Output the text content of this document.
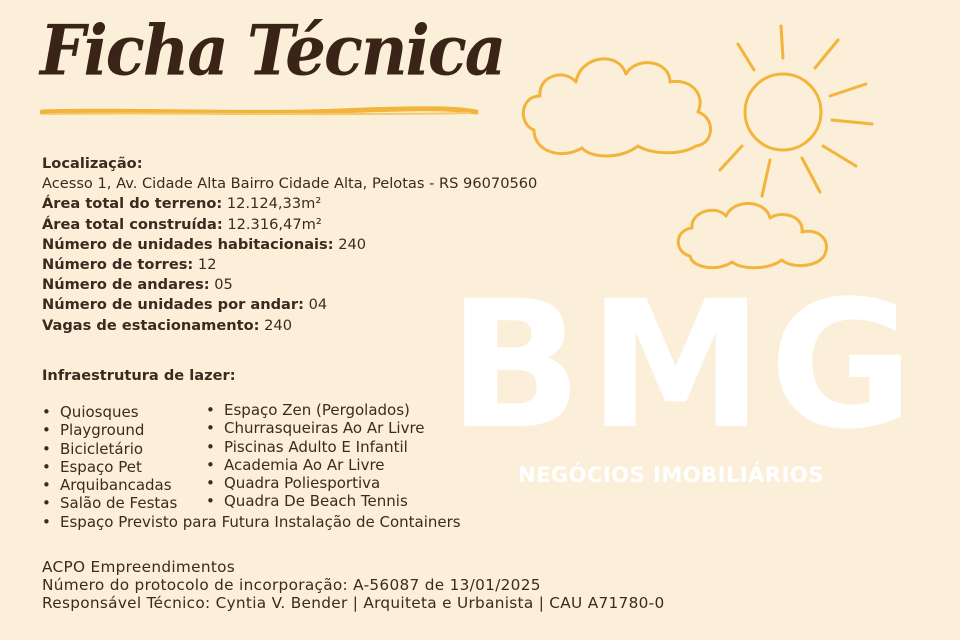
Ficha Técnica
BMG
NEGÓCIOS IMOBILIÁRIOS
Localização:
Acesso 1, Av. Cidade Alta Bairro Cidade Alta, Pelotas - RS 96070560
Área total do terreno: 12.124,33m²
Área total construída: 12.316,47m²
Número de unidades habitacionais: 240
Número de torres: 12
Número de andares: 05
Número de unidades por andar: 04
Vagas de estacionamento: 240
Infraestrutura de lazer:
• Quiosques
• Playground
• Bicicletário
• Espaço Pet
• Arquibancadas
• Salão de Festas
• Espaço Zen (Pergolados)
• Churrasqueiras Ao Ar Livre
• Piscinas Adulto E Infantil
• Academia Ao Ar Livre
• Quadra Poliesportiva
• Quadra De Beach Tennis
• Espaço Previsto para Futura Instalação de Containers
ACPO Empreendimentos
Número do protocolo de incorporação: A-56087 de 13/01/2025
Responsável Técnico: Cyntia V. Bender | Arquiteta e Urbanista | CAU A71780-0
